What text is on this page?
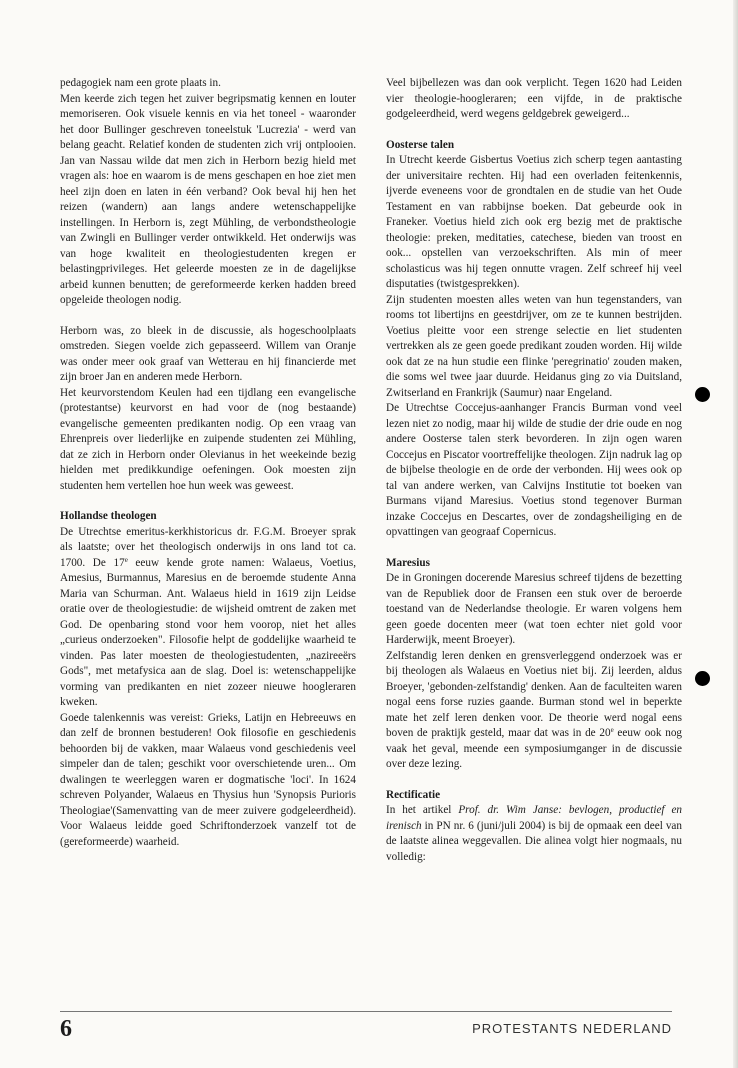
pedagogiek nam een grote plaats in.

Men keerde zich tegen het zuiver begripsmatig kennen en louter memoriseren. Ook visuele kennis en via het toneel - waaronder het door Bullinger geschreven toneelstuk 'Lucrezia' - werd van belang geacht. Relatief konden de studenten zich vrij ontplooien. Jan van Nassau wilde dat men zich in Herborn bezig hield met vragen als: hoe en waarom is de mens geschapen en hoe ziet men heel zijn doen en laten in één verband? Ook beval hij hen het reizen (wandern) aan langs andere wetenschappelijke instellingen. In Herborn is, zegt Mühling, de verbondstheologie van Zwingli en Bullinger verder ontwikkeld. Het onderwijs was van hoge kwaliteit en theologiestudenten kregen er belastingprivileges. Het geleerde moesten ze in de dagelijkse arbeid kunnen benutten; de gereformeerde kerken hadden breed opgeleide theologen nodig.

Herborn was, zo bleek in de discussie, als hogeschoolplaats omstreden. Siegen voelde zich gepasseerd. Willem van Oranje was onder meer ook graaf van Wetterau en hij financierde met zijn broer Jan en anderen mede Herborn.

Het keurvorstendom Keulen had een tijdlang een evangelische (protestantse) keurvorst en had voor de (nog bestaande) evangelische gemeenten predikanten nodig. Op een vraag van Ehrenpreis over liederlijke en zuipende studenten zei Mühling, dat ze zich in Herborn onder Olevianus in het weekeinde bezig hielden met predikkundige oefeningen. Ook moesten zijn studenten hem vertellen hoe hun week was geweest.

Hollandse theologen

De Utrechtse emeritus-kerkhistoricus dr. F.G.M. Broeyer sprak als laatste; over het theologisch onderwijs in ons land tot ca. 1700. De 17e eeuw kende grote namen: Walaeus, Voetius, Amesius, Burmannus, Maresius en de beroemde studente Anna Maria van Schurman. Ant. Walaeus hield in 1619 zijn Leidse oratie over de theologiestudie: de wijsheid omtrent de zaken met God. De openbaring stond voor hem voorop, niet het alles „curieus onderzoeken". Filosofie helpt de goddelijke waarheid te vinden. Pas later moesten de theologiestudenten, „nazireeërs Gods", met metafysica aan de slag. Doel is: wetenschappelijke vorming van predikanten en niet zozeer nieuwe hoogleraren kweken.

Goede talenkennis was vereist: Grieks, Latijn en Hebreeuws en dan zelf de bronnen bestuderen! Ook filosofie en geschiedenis behoorden bij de vakken, maar Walaeus vond geschiedenis veel simpeler dan de talen; geschikt voor overschietende uren... Om dwalingen te weerleggen waren er dogmatische 'loci'. In 1624 schreven Polyander, Walaeus en Thysius hun 'Synopsis Purioris Theologiae'(Samenvatting van de meer zuivere godgeleerdheid). Voor Walaeus leidde goed Schriftonderzoek vanzelf tot de (gereformeerde) waarheid.

Veel bijbellezen was dan ook verplicht. Tegen 1620 had Leiden vier theologie-hoogleraren; een vijfde, in de praktische godgeleerdheid, werd wegens geldgebrek geweigerd...

Oosterse talen

In Utrecht keerde Gisbertus Voetius zich scherp tegen aantasting der universitaire rechten. Hij had een overladen feitenkennis, ijverde eveneens voor de grondtalen en de studie van het Oude Testament en van rabbijnse boeken. Dat gebeurde ook in Franeker. Voetius hield zich ook erg bezig met de praktische theologie: preken, meditaties, catechese, bieden van troost en ook... opstellen van verzoekschriften. Als min of meer scholasticus was hij tegen onnutte vragen. Zelf schreef hij veel disputaties (twistgesprekken).

Zijn studenten moesten alles weten van hun tegenstanders, van rooms tot libertijns en geestdrijver, om ze te kunnen bestrijden. Voetius pleitte voor een strenge selectie en liet studenten vertrekken als ze geen goede predikant zouden worden. Hij wilde ook dat ze na hun studie een flinke 'peregrinatio' zouden maken, die soms wel twee jaar duurde. Heidanus ging zo via Duitsland, Zwitserland en Frankrijk (Saumur) naar Engeland.

De Utrechtse Coccejus-aanhanger Francis Burman vond veel lezen niet zo nodig, maar hij wilde de studie der drie oude en nog andere Oosterse talen sterk bevorderen. In zijn ogen waren Coccejus en Piscator voortreffelijke theologen. Zijn nadruk lag op de bijbelse theologie en de orde der verbonden. Hij wees ook op tal van andere werken, van Calvijns Institutie tot boeken van Burmans vijand Maresius. Voetius stond tegenover Burman inzake Coccejus en Descartes, over de zondagsheiliging en de opvattingen van geograaf Copernicus.

Maresius

De in Groningen docerende Maresius schreef tijdens de bezetting van de Republiek door de Fransen een stuk over de beroerde toestand van de Nederlandse theologie. Er waren volgens hem geen goede docenten meer (wat toen echter niet gold voor Harderwijk, meent Broeyer).

Zelfstandig leren denken en grensverleggend onderzoek was er bij theologen als Walaeus en Voetius niet bij. Zij leerden, aldus Broeyer, 'gebonden-zelfstandig' denken. Aan de faculteiten waren nogal eens forse ruzies gaande. Burman stond wel in beperkte mate het zelf leren denken voor. De theorie werd nogal eens boven de praktijk gesteld, maar dat was in de 20e eeuw ook nog vaak het geval, meende een symposiumganger in de discussie over deze lezing.

Rectificatie

In het artikel Prof. dr. Wim Janse: bevlogen, productief en irenisch in PN nr. 6 (juni/juli 2004) is bij de opmaak een deel van de laatste alinea weggevallen. Die alinea volgt hier nogmaals, nu volledig:

6	PROTESTANTS NEDERLAND
